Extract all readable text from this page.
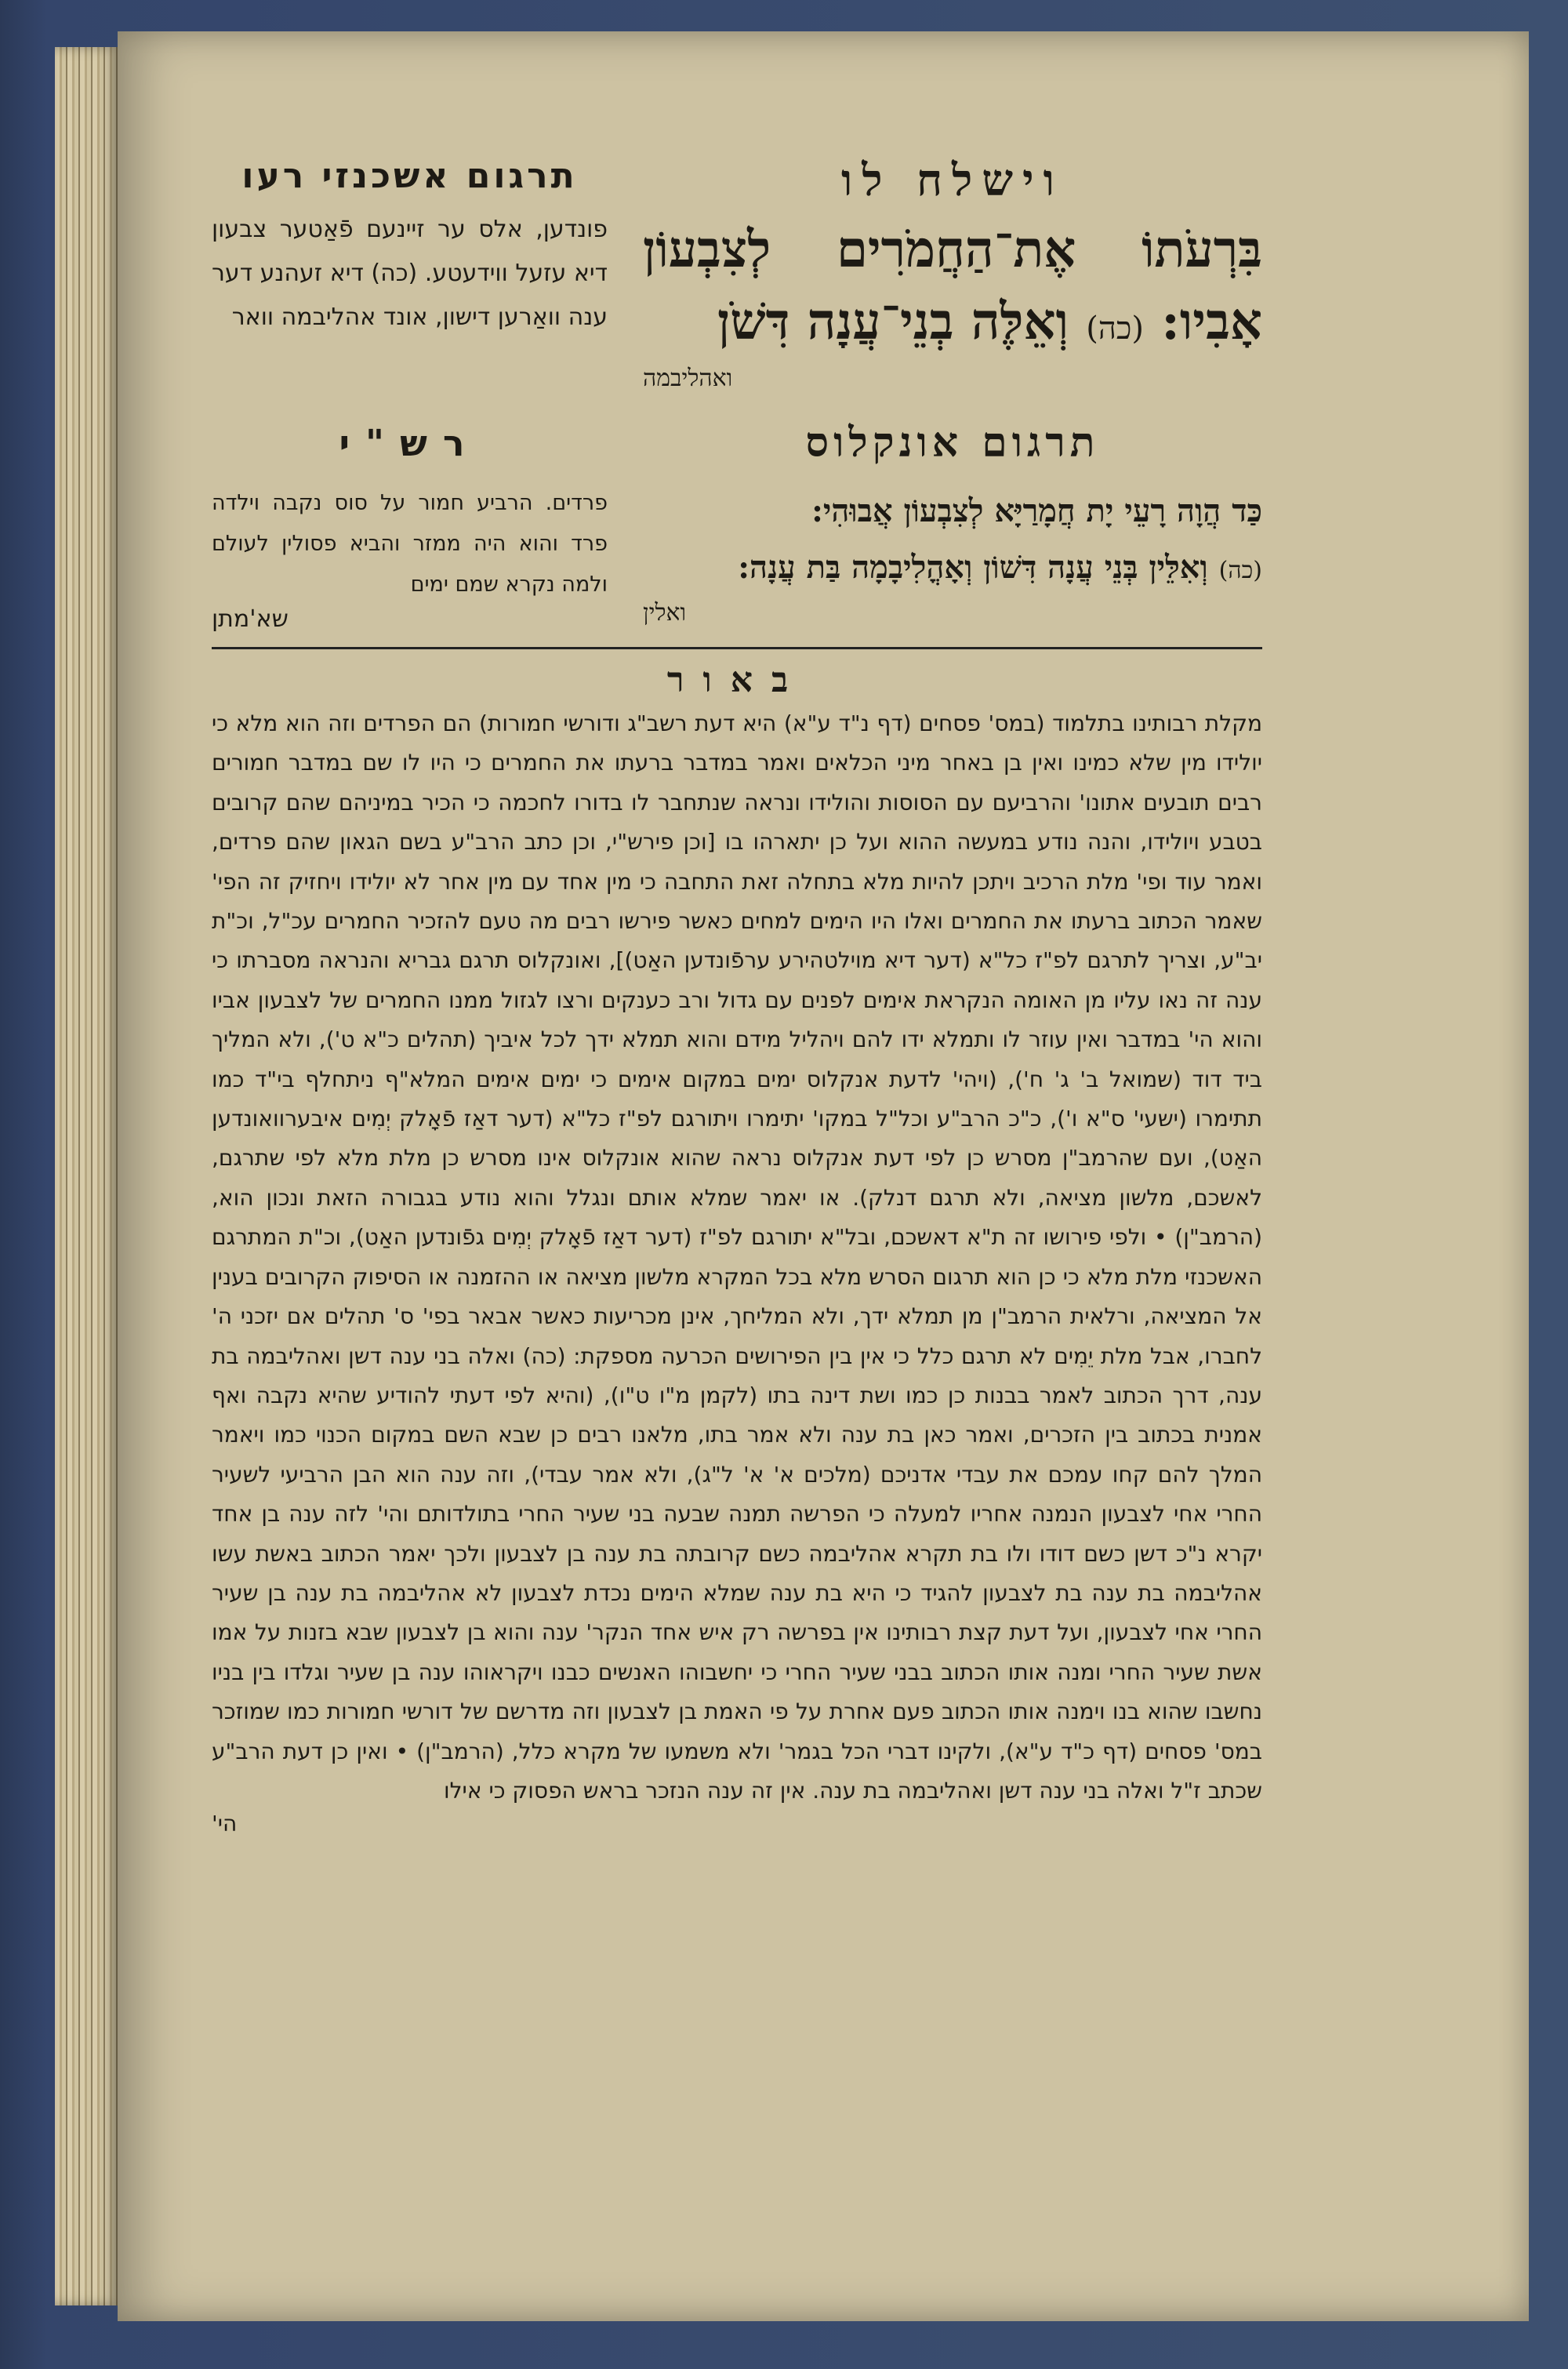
וישלח לו
בִּרְעֹתוֹ אֶת־הַחֲמֹרִים לְצִבְעוֹן אָבִיו: (כה) וְאֵלֶּה בְנֵי־עֲנָה דִּשֹׁן
ואהליבמה
תרגום אשכנזי רעו
פונדען, אלס ער זיינעם פֿאַטער צבעון דיא עזעל ווידעטע. (כה) דיא זעהנע דער ענה וואַרען דישון, אונד אהליבמה וואר
תרגום אונקלוס
כַּד הֲוָה רָעֵי יָת חֲמָרַיָּא לְצִבְעוֹן אֲבוּהִי:
(כה) וְאִלֵּין בְּנֵי עֲנָה דִּשׁוֹן וְאָהֳלִיבָמָה בַּת עֲנָה:
ואלין
רש"י
פרדים. הרביע חמור על סוס נקבה וילדה פרד והוא היה ממזר והביא פסולין לעולם ולמה נקרא שמם ימים
שא'מתן
באור
מקלת רבותינו בתלמוד (במס' פסחים (דף נ"ד ע"א) היא דעת רשב"ג ודורשי חמורות) הם הפרדים וזה הוא מלא כי יולידו מין שלא כמינו ואין בן באחר מיני הכלאים ואמר במדבר ברעתו את החמרים כי היו לו שם במדבר חמורים רבים תובעים אתונו' והרביעם עם הסוסות והולידו ונראה שנתחבר לו בדורו לחכמה כי הכיר במיניהם שהם קרובים בטבע ויולידו, והנה נודע במעשה ההוא ועל כן יתארהו בו [וכן פירש"י, וכן כתב הרב"ע בשם הגאון שהם פרדים, ואמר עוד ופי' מלת הרכיב ויתכן להיות מלא בתחלה זאת התחבה כי מין אחד עם מין אחר לא יולידו ויחזיק זה הפי' שאמר הכתוב ברעתו את החמרים ואלו היו הימים למחים כאשר פירשו רבים מה טעם להזכיר החמרים עכ"ל, וכ"ת יב"ע, וצריך לתרגם לפ"ז כל"א (דער דיא מוילטהירע ערפֿונדען האַט)], ואונקלוס תרגם גבריא והנראה מסברתו כי ענה זה נאו עליו מן האומה הנקראת אימים לפנים עם גדול ורב כענקים ורצו לגזול ממנו החמרים של לצבעון אביו והוא הי' במדבר ואין עוזר לו ותמלא ידו להם ויהליל מידם והוא תמלא ידך לכל איביך (תהלים כ"א ט'), ולא המליך ביד דוד (שמואל ב' ג' ח'), (ויהי' לדעת אנקלוס ימים במקום אימים כי ימים אימים המלא"ף ניתחלף בי"ד כמו תתימרו (ישעי' ס"א ו'), כ"כ הרב"ע וכל"ל במקו' יתימרו ויתורגם לפ"ז כל"א (דער דאַז פֿאָלק יְמִים איבערוואונדען האַט), ועם שהרמב"ן מסרש כן לפי דעת אנקלוס נראה שהוא אונקלוס אינו מסרש כן מלת מלא לפי שתרגם, לאשכם, מלשון מציאה, ולא תרגם דנלק). או יאמר שמלא אותם ונגלל והוא נודע בגבורה הזאת ונכון הוא, (הרמב"ן) • ולפי פירושו זה ת"א דאשכם, ובל"א יתורגם לפ"ז (דער דאַז פֿאָלק יְמִים גפֿונדען האַט), וכ"ת המתרגם האשכנזי מלת מלא כי כן הוא תרגום הסרש מלא בכל המקרא מלשון מציאה או ההזמנה או הסיפוק הקרובים בענין אל המציאה, ורלאית הרמב"ן מן תמלא ידך, ולא המליחך, אינן מכריעות כאשר אבאר בפי' ס' תהלים אם יזכני ה' לחברו, אבל מלת יֵמִים לא תרגם כלל כי אין בין הפירושים הכרעה מספקת: (כה) ואלה בני ענה דשן ואהליבמה בת ענה, דרך הכתוב לאמר בבנות כן כמו ושת דינה בתו (לקמן מ"ו ט"ו), (והיא לפי דעתי להודיע שהיא נקבה ואף אמנית בכתוב בין הזכרים, ואמר כאן בת ענה ולא אמר בתו, מלאנו רבים כן שבא השם במקום הכנוי כמו ויאמר המלך להם קחו עמכם את עבדי אדניכם (מלכים א' א' ל"ג), ולא אמר עבדי), וזה ענה הוא הבן הרביעי לשעיר החרי אחי לצבעון הנמנה אחריו למעלה כי הפרשה תמנה שבעה בני שעיר החרי בתולדותם והי' לזה ענה בן אחד יקרא נ"כ דשן כשם דודו ולו בת תקרא אהליבמה כשם קרובתה בת ענה בן לצבעון ולכך יאמר הכתוב באשת עשו אהליבמה בת ענה בת לצבעון להגיד כי היא בת ענה שמלא הימים נכדת לצבעון לא אהליבמה בת ענה בן שעיר החרי אחי לצבעון, ועל דעת קצת רבותינו אין בפרשה רק איש אחד הנקר' ענה והוא בן לצבעון שבא בזנות על אמו אשת שעיר החרי ומנה אותו הכתוב בבני שעיר החרי כי יחשבוהו האנשים כבנו ויקראוהו ענה בן שעיר וגלדו בין בניו נחשבו שהוא בנו וימנה אותו הכתוב פעם אחרת על פי האמת בן לצבעון וזה מדרשם של דורשי חמורות כמו שמוזכר במס' פסחים (דף כ"ד ע"א), ולקינו דברי הכל בגמר' ולא משמעו של מקרא כלל, (הרמב"ן) • ואין כן דעת הרב"ע שכתב ז"ל ואלה בני ענה דשן ואהליבמה בת ענה. אין זה ענה הנזכר בראש הפסוק כי אילו
הי'
